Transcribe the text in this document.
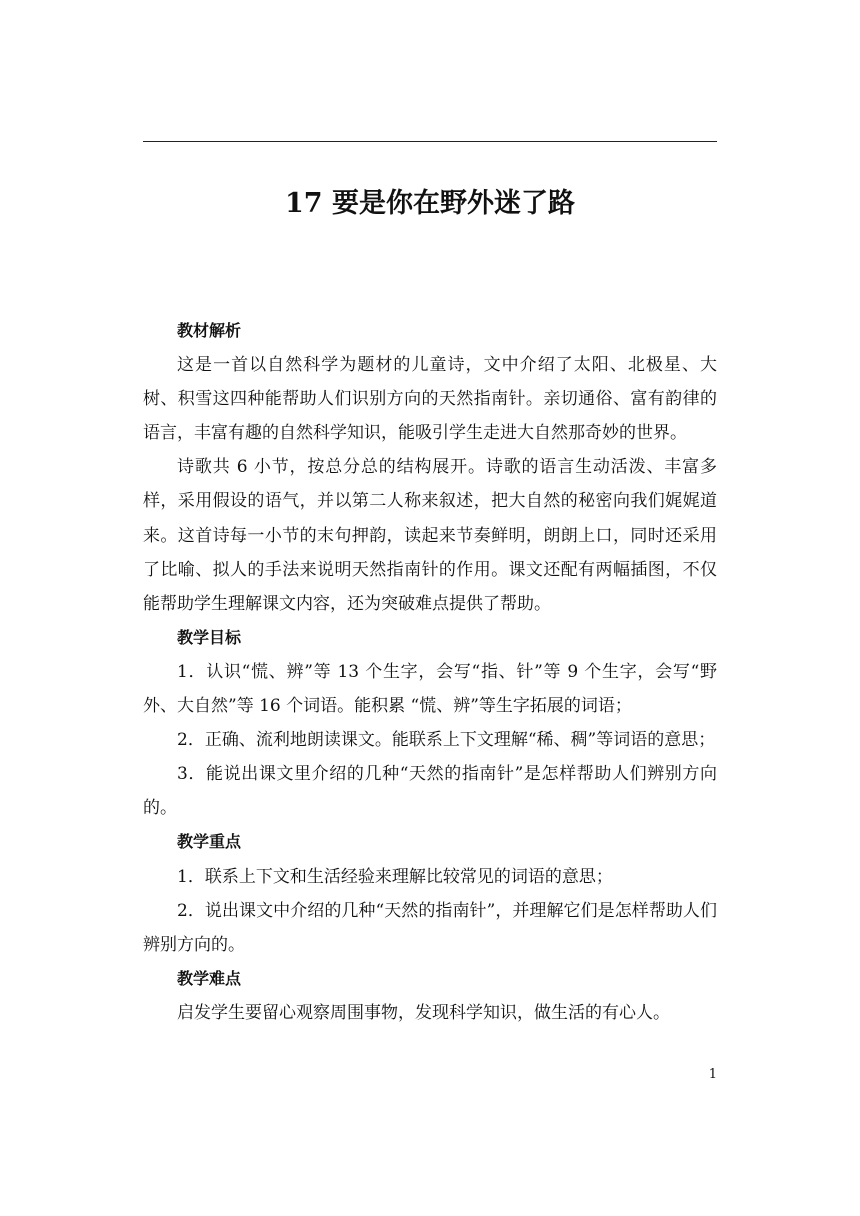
17 要是你在野外迷了路

教材解析

这是一首以自然科学为题材的儿童诗，文中介绍了太阳、北极星、大树、积雪这四种能帮助人们识别方向的天然指南针。亲切通俗、富有韵律的语言，丰富有趣的自然科学知识，能吸引学生走进大自然那奇妙的世界。

诗歌共 6 小节，按总分总的结构展开。诗歌的语言生动活泼、丰富多样，采用假设的语气，并以第二人称来叙述，把大自然的秘密向我们娓娓道来。这首诗每一小节的末句押韵，读起来节奏鲜明，朗朗上口，同时还采用了比喻、拟人的手法来说明天然指南针的作用。课文还配有两幅插图，不仅能帮助学生理解课文内容，还为突破难点提供了帮助。

教学目标

1．认识“慌、辨”等 13 个生字，会写“指、针”等 9 个生字，会写“野外、大自然”等 16 个词语。能积累 “慌、辨”等生字拓展的词语；

2．正确、流利地朗读课文。能联系上下文理解“稀、稠”等词语的意思；

3．能说出课文里介绍的几种“天然的指南针”是怎样帮助人们辨别方向的。

教学重点

1．联系上下文和生活经验来理解比较常见的词语的意思；

2．说出课文中介绍的几种“天然的指南针”，并理解它们是怎样帮助人们辨别方向的。

教学难点

启发学生要留心观察周围事物，发现科学知识，做生活的有心人。

1
